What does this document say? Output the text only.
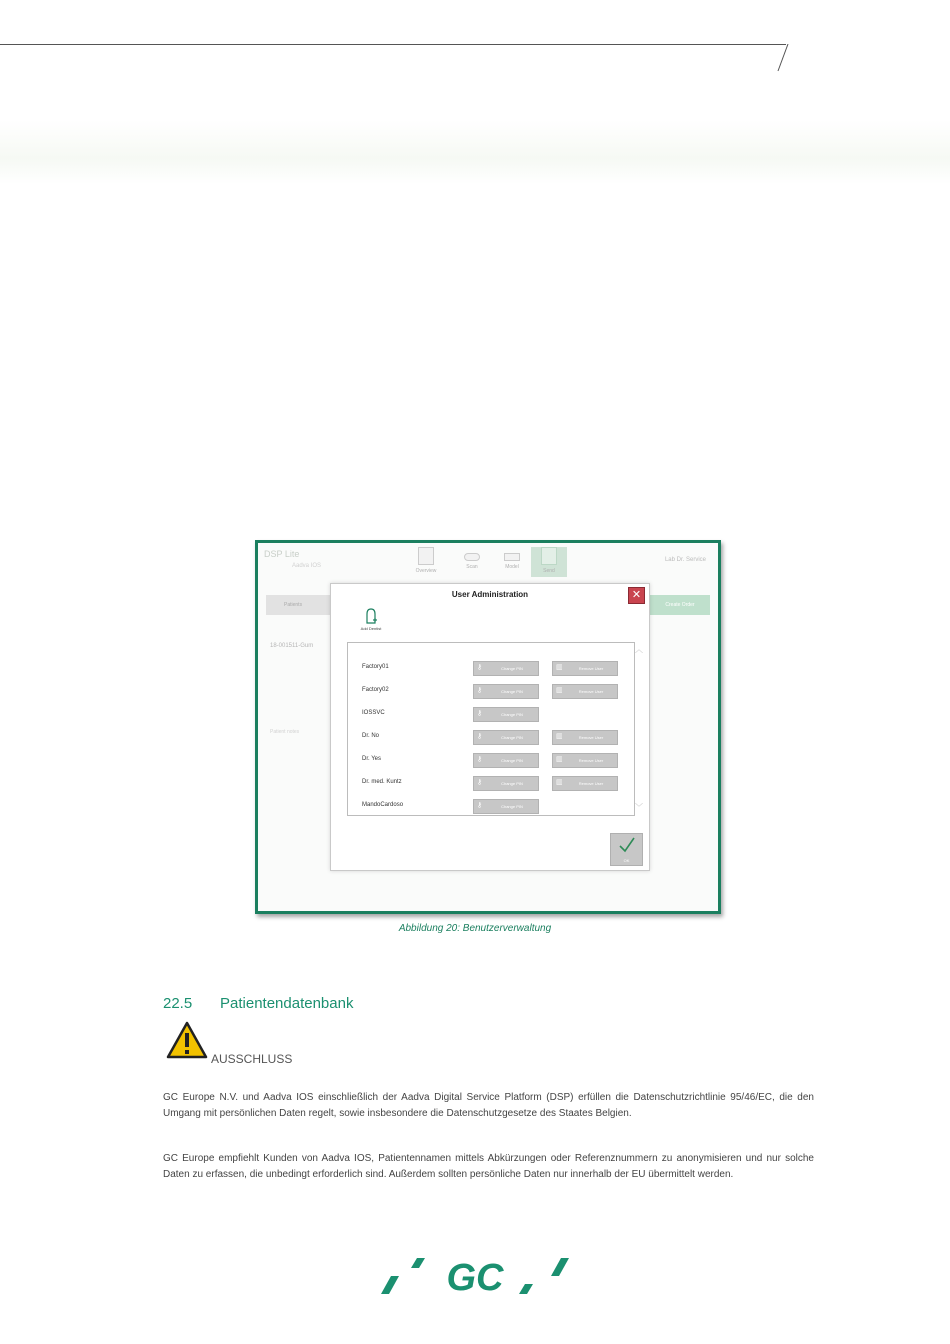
DSP Lite
Aadva IOS
Overview
Scan	Model
Send
Lab Dr. Service
Patients	Create Order
18-001511-Gum
Patient notes
User Administration	✕
Add Dentist
Factory01	⚷	Change PIN	▥	Remove User
Factory02	⚷	Change PIN	▥	Remove User
IOSSVC	⚷	Change PIN
Dr. No	⚷	Change PIN	▥	Remove User
Dr. Yes	⚷	Change PIN	▥	Remove User
Dr. med. Kuntz	⚷	Change PIN	▥	Remove User
MandoCardoso	⚷	Change PIN
︿
﹀
OK
Abbildung 20: Benutzerverwaltung
22.5 Patientendatenbank
AUSSCHLUSS

GC Europe N.V. und Aadva IOS einschließlich der Aadva Digital Service Platform (DSP) erfüllen die Datenschutzrichtlinie 95/46/EC, die den Umgang mit persönlichen Daten regelt, sowie insbesondere die Datenschutzgesetze des Staates Belgien.

GC Europe empfiehlt Kunden von Aadva IOS, Patientennamen mittels Abkürzungen oder Referenznummern zu anonymisieren und nur solche Daten zu erfassen, die unbedingt erforderlich sind. Außerdem sollten persönliche Daten nur innerhalb der EU übermittelt werden.

GC
